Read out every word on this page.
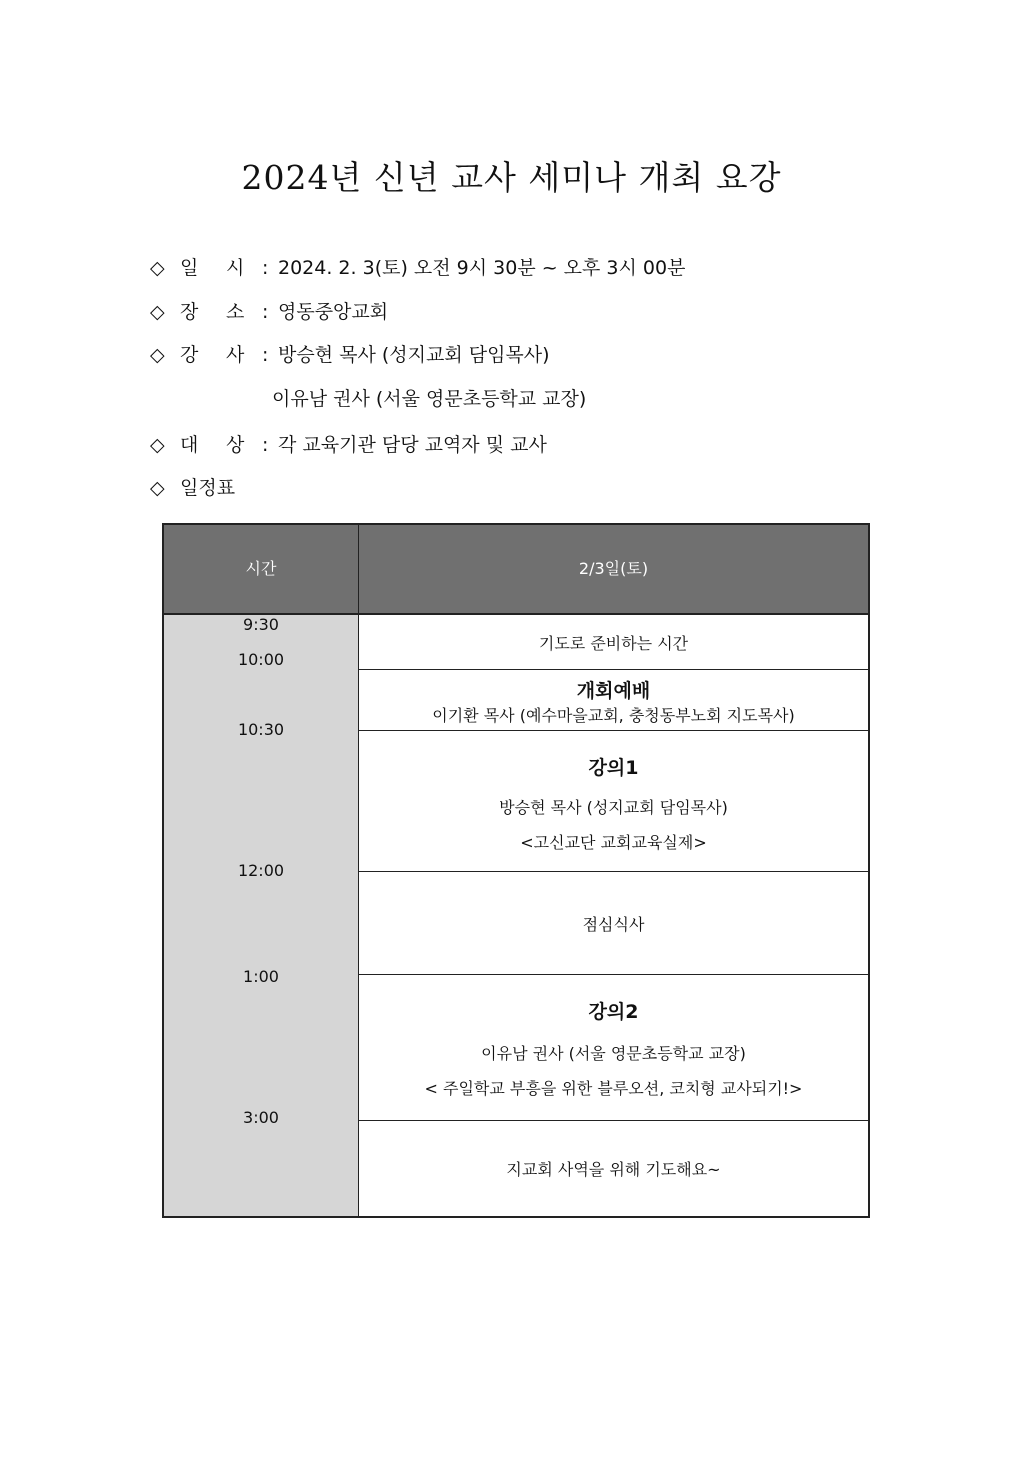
2024년 신년 교사 세미나 개최 요강
◇ 일 시 : 2024. 2. 3(토) 오전 9시 30분 ~ 오후 3시 00분
◇ 장 소 : 영동중앙교회
◇ 강 사 : 방승현 목사 (성지교회 담임목사)
이유남 권사 (서울 영문초등학교 교장)
◇ 대 상 : 각 교육기관 담당 교역자 및 교사
◇ 일정표
시간	2/3일(토)
9:30
10:00
10:30
12:00
1:00
3:00
기도로 준비하는 시간
개회예배
이기환 목사 (예수마을교회, 충청동부노회 지도목사)
강의1
방승현 목사 (성지교회 담임목사)
<고신교단 교회교육실제>
점심식사
강의2
이유남 권사 (서울 영문초등학교 교장)
< 주일학교 부흥을 위한 블루오션, 코치형 교사되기!>
지교회 사역을 위해 기도해요~
